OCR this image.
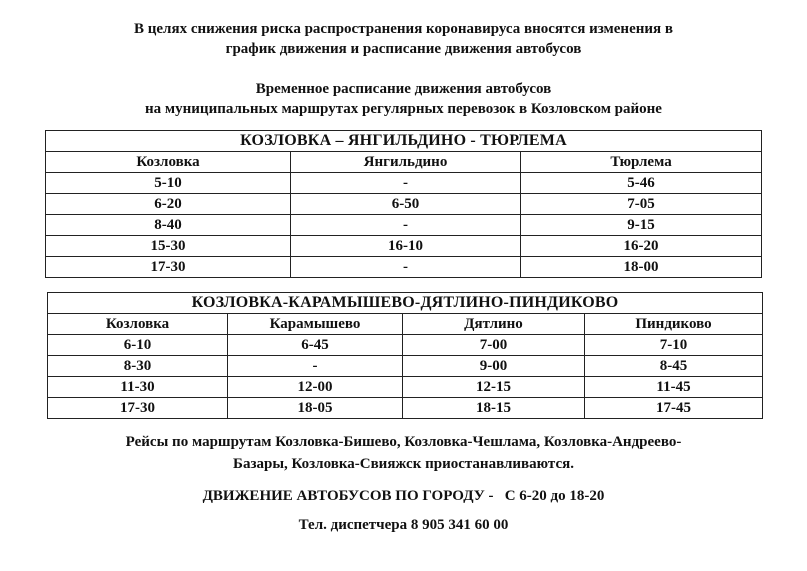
В целях снижения риска распространения коронавируса вносятся изменения в
график движения и расписание движения автобусов
Временное расписание движения автобусов
на муниципальных маршрутах регулярных перевозок в Козловском районе
КОЗЛОВКА – ЯНГИЛЬДИНО - ТЮРЛЕМА		
Козловка	Янгильдино	Тюрлема
5-10	-	5-46
6-20	6-50	7-05
8-40	-	9-15
15-30	16-10	16-20
17-30	-	18-00
КОЗЛОВКА-КАРАМЫШЕВО-ДЯТЛИНО-ПИНДИКОВО			
Козловка	Карамышево	Дятлино	Пиндиково
6-10	6-45	7-00	7-10
8-30	-	9-00	8-45
11-30	12-00	12-15	11-45
17-30	18-05	18-15	17-45
Рейсы по маршрутам Козловка-Бишево, Козловка-Чешлама, Козловка-Андреево-
Базары, Козловка-Свияжск приостанавливаются.
ДВИЖЕНИЕ АВТОБУСОВ ПО ГОРОДУ -   С 6-20 до 18-20
Тел. диспетчера 8 905 341 60 00
